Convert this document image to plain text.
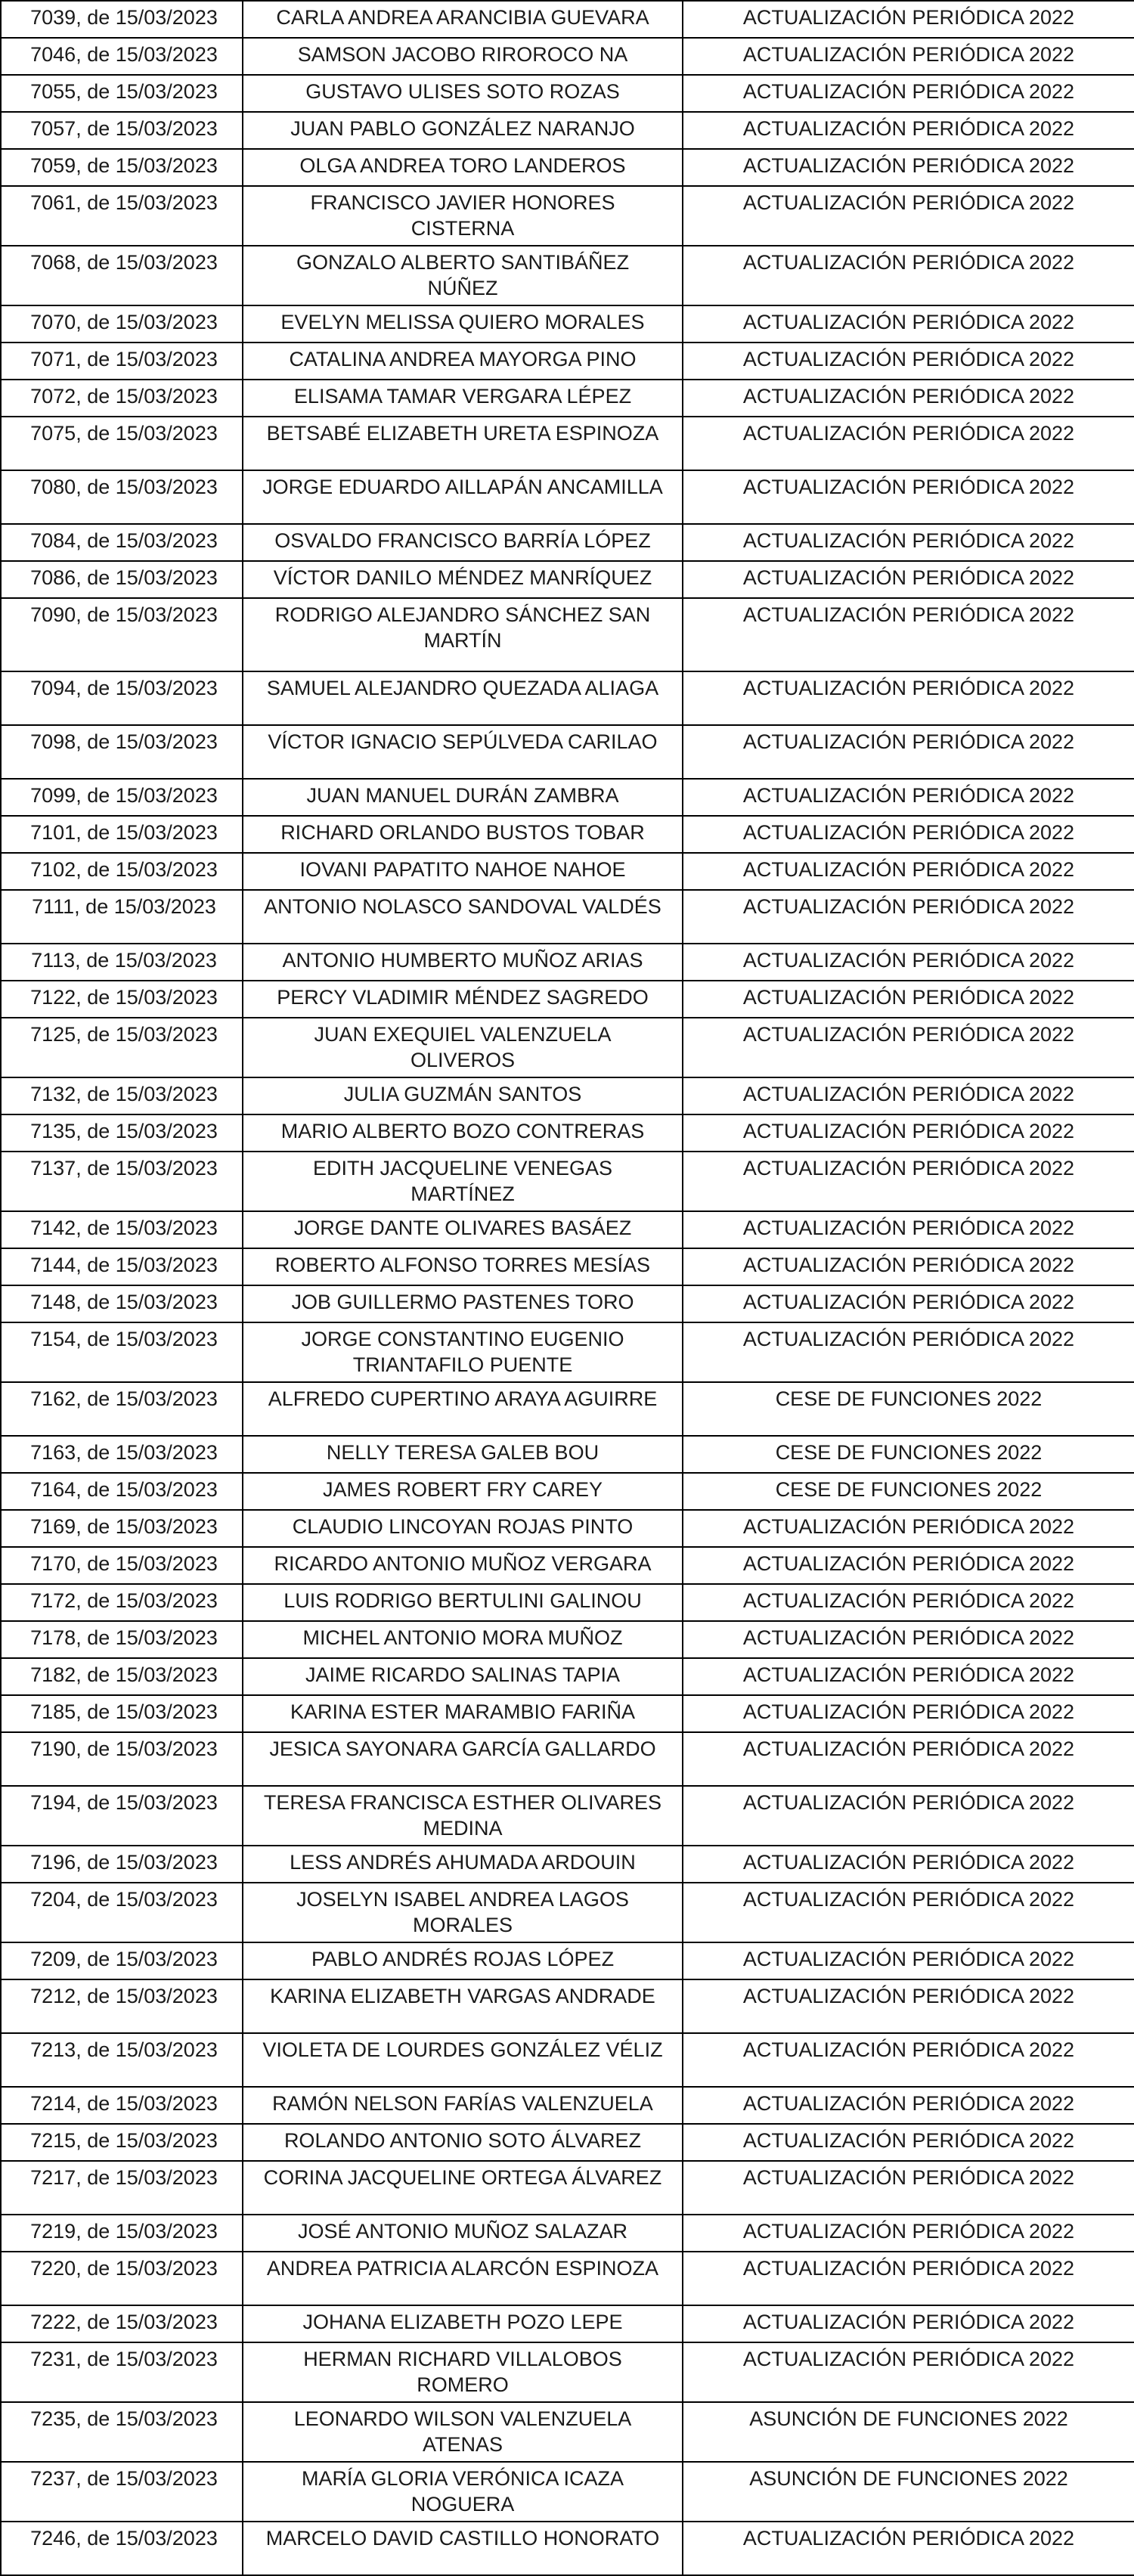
7039, de 15/03/2023	CARLA ANDREA ARANCIBIA GUEVARA	ACTUALIZACIÓN PERIÓDICA 2022
7046, de 15/03/2023	SAMSON JACOBO RIROROCO NA	ACTUALIZACIÓN PERIÓDICA 2022
7055, de 15/03/2023	GUSTAVO ULISES SOTO ROZAS	ACTUALIZACIÓN PERIÓDICA 2022
7057, de 15/03/2023	JUAN PABLO GONZÁLEZ NARANJO	ACTUALIZACIÓN PERIÓDICA 2022
7059, de 15/03/2023	OLGA ANDREA TORO LANDEROS	ACTUALIZACIÓN PERIÓDICA 2022
7061, de 15/03/2023	FRANCISCO JAVIER HONORES CISTERNA	ACTUALIZACIÓN PERIÓDICA 2022
7068, de 15/03/2023	GONZALO ALBERTO SANTIBÁÑEZ NÚÑEZ	ACTUALIZACIÓN PERIÓDICA 2022
7070, de 15/03/2023	EVELYN MELISSA QUIERO MORALES	ACTUALIZACIÓN PERIÓDICA 2022
7071, de 15/03/2023	CATALINA ANDREA MAYORGA PINO	ACTUALIZACIÓN PERIÓDICA 2022
7072, de 15/03/2023	ELISAMA TAMAR VERGARA LÉPEZ	ACTUALIZACIÓN PERIÓDICA 2022
7075, de 15/03/2023	BETSABÉ ELIZABETH URETA ESPINOZA	ACTUALIZACIÓN PERIÓDICA 2022
7080, de 15/03/2023	JORGE EDUARDO AILLAPÁN ANCAMILLA	ACTUALIZACIÓN PERIÓDICA 2022
7084, de 15/03/2023	OSVALDO FRANCISCO BARRÍA LÓPEZ	ACTUALIZACIÓN PERIÓDICA 2022
7086, de 15/03/2023	VÍCTOR DANILO MÉNDEZ MANRÍQUEZ	ACTUALIZACIÓN PERIÓDICA 2022
7090, de 15/03/2023	RODRIGO ALEJANDRO SÁNCHEZ SAN MARTÍN	ACTUALIZACIÓN PERIÓDICA 2022
7094, de 15/03/2023	SAMUEL ALEJANDRO QUEZADA ALIAGA	ACTUALIZACIÓN PERIÓDICA 2022
7098, de 15/03/2023	VÍCTOR IGNACIO SEPÚLVEDA CARILAO	ACTUALIZACIÓN PERIÓDICA 2022
7099, de 15/03/2023	JUAN MANUEL DURÁN ZAMBRA	ACTUALIZACIÓN PERIÓDICA 2022
7101, de 15/03/2023	RICHARD ORLANDO BUSTOS TOBAR	ACTUALIZACIÓN PERIÓDICA 2022
7102, de 15/03/2023	IOVANI PAPATITO NAHOE NAHOE	ACTUALIZACIÓN PERIÓDICA 2022
7111, de 15/03/2023	ANTONIO NOLASCO SANDOVAL VALDÉS	ACTUALIZACIÓN PERIÓDICA 2022
7113, de 15/03/2023	ANTONIO HUMBERTO MUÑOZ ARIAS	ACTUALIZACIÓN PERIÓDICA 2022
7122, de 15/03/2023	PERCY VLADIMIR MÉNDEZ SAGREDO	ACTUALIZACIÓN PERIÓDICA 2022
7125, de 15/03/2023	JUAN EXEQUIEL VALENZUELA OLIVEROS	ACTUALIZACIÓN PERIÓDICA 2022
7132, de 15/03/2023	JULIA GUZMÁN SANTOS	ACTUALIZACIÓN PERIÓDICA 2022
7135, de 15/03/2023	MARIO ALBERTO BOZO CONTRERAS	ACTUALIZACIÓN PERIÓDICA 2022
7137, de 15/03/2023	EDITH JACQUELINE VENEGAS MARTÍNEZ	ACTUALIZACIÓN PERIÓDICA 2022
7142, de 15/03/2023	JORGE DANTE OLIVARES BASÁEZ	ACTUALIZACIÓN PERIÓDICA 2022
7144, de 15/03/2023	ROBERTO ALFONSO TORRES MESÍAS	ACTUALIZACIÓN PERIÓDICA 2022
7148, de 15/03/2023	JOB GUILLERMO PASTENES TORO	ACTUALIZACIÓN PERIÓDICA 2022
7154, de 15/03/2023	JORGE CONSTANTINO EUGENIO TRIANTAFILO PUENTE	ACTUALIZACIÓN PERIÓDICA 2022
7162, de 15/03/2023	ALFREDO CUPERTINO ARAYA AGUIRRE	CESE DE FUNCIONES 2022
7163, de 15/03/2023	NELLY TERESA GALEB BOU	CESE DE FUNCIONES 2022
7164, de 15/03/2023	JAMES ROBERT FRY CAREY	CESE DE FUNCIONES 2022
7169, de 15/03/2023	CLAUDIO LINCOYAN ROJAS PINTO	ACTUALIZACIÓN PERIÓDICA 2022
7170, de 15/03/2023	RICARDO ANTONIO MUÑOZ VERGARA	ACTUALIZACIÓN PERIÓDICA 2022
7172, de 15/03/2023	LUIS RODRIGO BERTULINI GALINOU	ACTUALIZACIÓN PERIÓDICA 2022
7178, de 15/03/2023	MICHEL ANTONIO MORA MUÑOZ	ACTUALIZACIÓN PERIÓDICA 2022
7182, de 15/03/2023	JAIME RICARDO SALINAS TAPIA	ACTUALIZACIÓN PERIÓDICA 2022
7185, de 15/03/2023	KARINA ESTER MARAMBIO FARIÑA	ACTUALIZACIÓN PERIÓDICA 2022
7190, de 15/03/2023	JESICA SAYONARA GARCÍA GALLARDO	ACTUALIZACIÓN PERIÓDICA 2022
7194, de 15/03/2023	TERESA FRANCISCA ESTHER OLIVARES MEDINA	ACTUALIZACIÓN PERIÓDICA 2022
7196, de 15/03/2023	LESS ANDRÉS AHUMADA ARDOUIN	ACTUALIZACIÓN PERIÓDICA 2022
7204, de 15/03/2023	JOSELYN ISABEL ANDREA LAGOS MORALES	ACTUALIZACIÓN PERIÓDICA 2022
7209, de 15/03/2023	PABLO ANDRÉS ROJAS LÓPEZ	ACTUALIZACIÓN PERIÓDICA 2022
7212, de 15/03/2023	KARINA ELIZABETH VARGAS ANDRADE	ACTUALIZACIÓN PERIÓDICA 2022
7213, de 15/03/2023	VIOLETA DE LOURDES GONZÁLEZ VÉLIZ	ACTUALIZACIÓN PERIÓDICA 2022
7214, de 15/03/2023	RAMÓN NELSON FARÍAS VALENZUELA	ACTUALIZACIÓN PERIÓDICA 2022
7215, de 15/03/2023	ROLANDO ANTONIO SOTO ÁLVAREZ	ACTUALIZACIÓN PERIÓDICA 2022
7217, de 15/03/2023	CORINA JACQUELINE ORTEGA ÁLVAREZ	ACTUALIZACIÓN PERIÓDICA 2022
7219, de 15/03/2023	JOSÉ ANTONIO MUÑOZ SALAZAR	ACTUALIZACIÓN PERIÓDICA 2022
7220, de 15/03/2023	ANDREA PATRICIA ALARCÓN ESPINOZA	ACTUALIZACIÓN PERIÓDICA 2022
7222, de 15/03/2023	JOHANA ELIZABETH POZO LEPE	ACTUALIZACIÓN PERIÓDICA 2022
7231, de 15/03/2023	HERMAN RICHARD VILLALOBOS ROMERO	ACTUALIZACIÓN PERIÓDICA 2022
7235, de 15/03/2023	LEONARDO WILSON VALENZUELA ATENAS	ASUNCIÓN DE FUNCIONES 2022
7237, de 15/03/2023	MARÍA GLORIA VERÓNICA ICAZA NOGUERA	ASUNCIÓN DE FUNCIONES 2022
7246, de 15/03/2023	MARCELO DAVID CASTILLO HONORATO	ACTUALIZACIÓN PERIÓDICA 2022
